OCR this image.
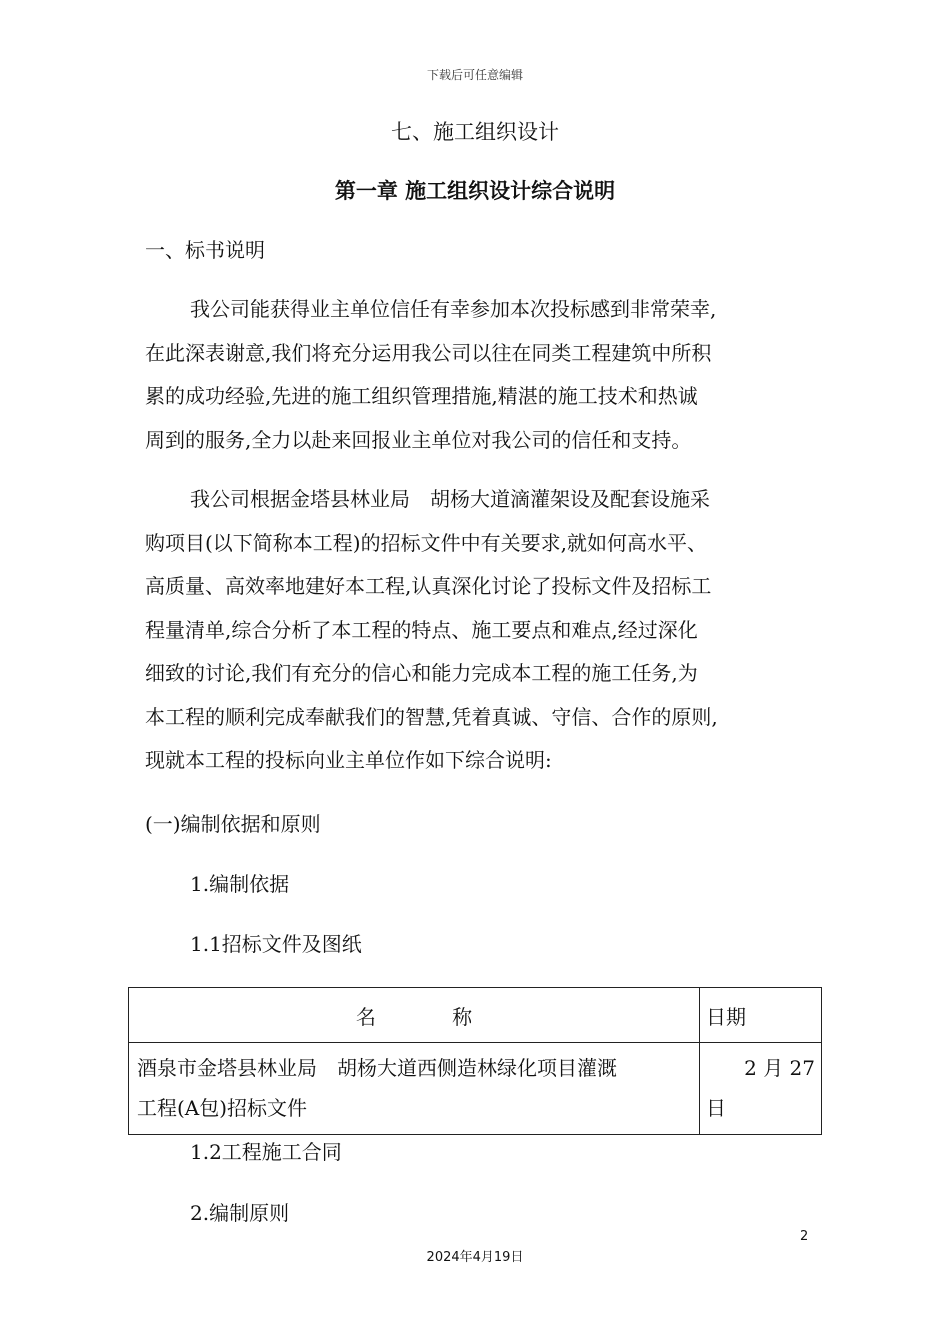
下载后可任意编辑
七、施工组织设计
第一章 施工组织设计综合说明
一、标书说明
我公司能获得业主单位信任有幸参加本次投标感到非常荣幸,
在此深表谢意,我们将充分运用我公司以往在同类工程建筑中所积
累的成功经验,先进的施工组织管理措施,精湛的施工技术和热诚
周到的服务,全力以赴来回报业主单位对我公司的信任和支持。
我公司根据金塔县林业局　胡杨大道滴灌架设及配套设施采
购项目(以下简称本工程)的招标文件中有关要求,就如何高水平、
高质量、高效率地建好本工程,认真深化讨论了投标文件及招标工
程量清单,综合分析了本工程的特点、施工要点和难点,经过深化
细致的讨论,我们有充分的信心和能力完成本工程的施工任务,为
本工程的顺利完成奉献我们的智慧,凭着真诚、守信、合作的原则,
现就本工程的投标向业主单位作如下综合说明:
(一)编制依据和原则
1.编制依据
1.1招标文件及图纸
名 称	日期

酒泉市金塔县林业局　胡杨大道西侧造林绿化项目灌溉
工程(A包)招标文件	2 月 27
日
1.2工程施工合同
2.编制原则
2
2024年4月19日
